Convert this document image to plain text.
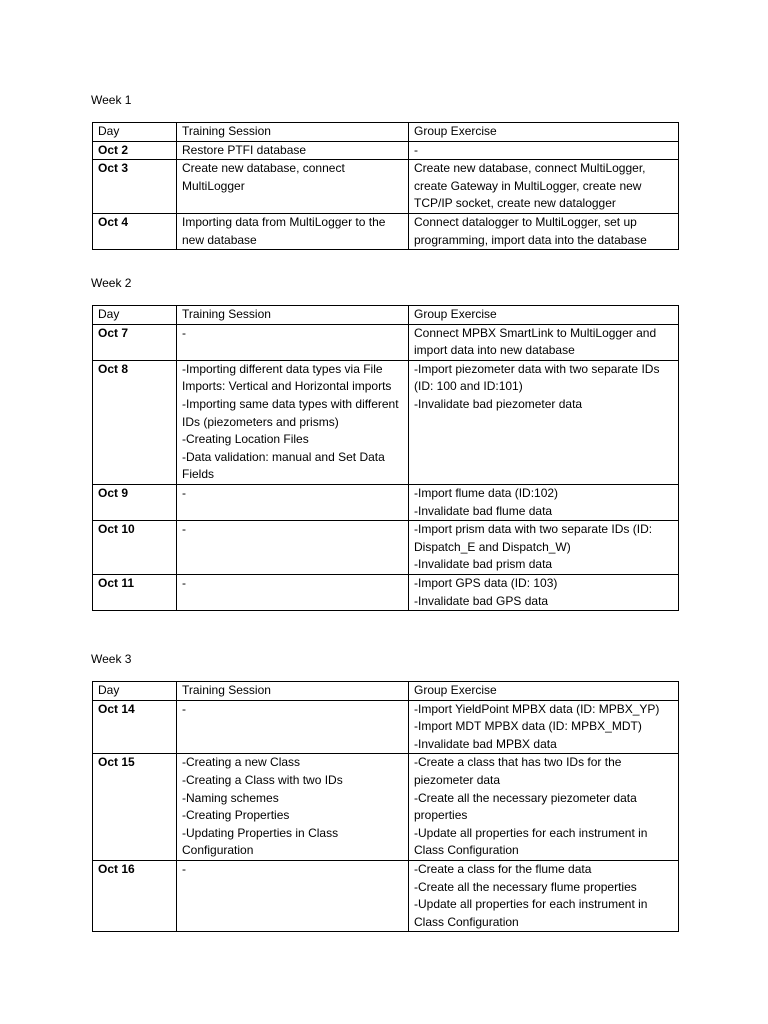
Week 1
Day	Training Session	Group Exercise
Oct 2	Restore PTFI database	-

Oct 3	Create new database, connect MultiLogger	Create new database, connect MultiLogger, create Gateway in MultiLogger, create new TCP/IP socket, create new datalogger

Oct 4	Importing data from MultiLogger to the new database	Connect datalogger to MultiLogger, set up programming, import data into the database
Week 2
Day	Training Session	Group Exercise
Oct 7	-	Connect MPBX SmartLink to MultiLogger and import data into new database

Oct 8	-Importing different data types via File Imports: Vertical and Horizontal imports
-Importing same data types with different IDs (piezometers and prisms)
-Creating Location Files
-Data validation: manual and Set Data Fields	-Import piezometer data with two separate IDs (ID: 100 and ID:101)
-Invalidate bad piezometer data

Oct 9	-	-Import flume data (ID:102)
-Invalidate bad flume data

Oct 10	-	-Import prism data with two separate IDs (ID: Dispatch_E and Dispatch_W)
-Invalidate bad prism data

Oct 11	-	-Import GPS data (ID: 103)
-Invalidate bad GPS data
Week 3
Day	Training Session	Group Exercise
Oct 14	-	-Import YieldPoint MPBX data (ID: MPBX_YP)
-Import MDT MPBX data (ID: MPBX_MDT)
-Invalidate bad MPBX data

Oct 15	-Creating a new Class
-Creating a Class with two IDs
-Naming schemes
-Creating Properties
-Updating Properties in Class Configuration	-Create a class that has two IDs for the piezometer data
-Create all the necessary piezometer data properties
-Update all properties for each instrument in Class Configuration

Oct 16	-	-Create a class for the flume data
-Create all the necessary flume properties
-Update all properties for each instrument in Class Configuration
